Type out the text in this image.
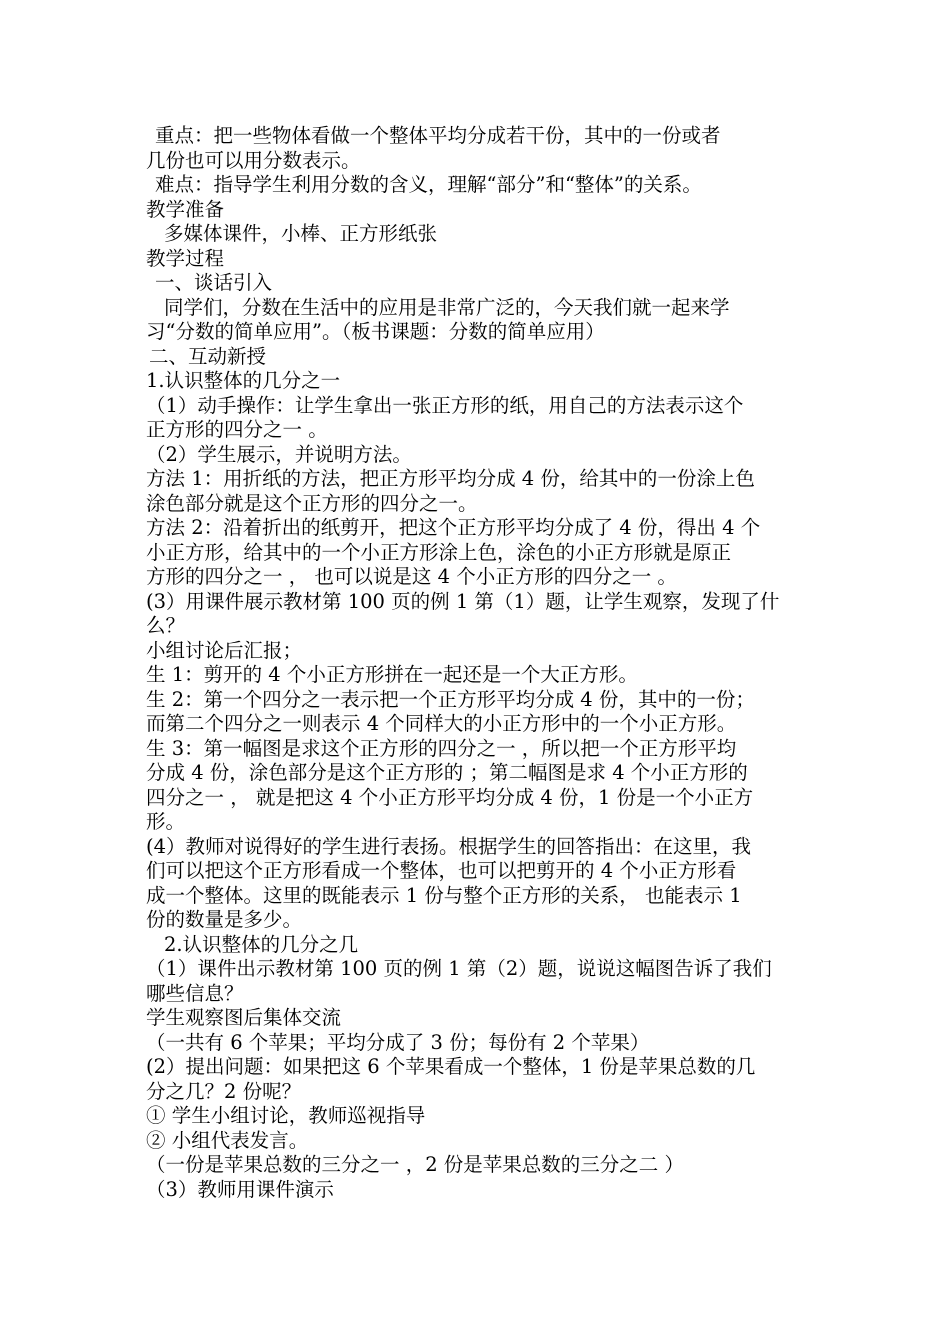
重点：把一些物体看做一个整体平均分成若干份，其中的一份或者
几份也可以用分数表示。
难点：指导学生利用分数的含义，理解“部分”和“整体”的关系。
教学准备
多媒体课件，小棒、正方形纸张
教学过程
一、谈话引入
同学们，分数在生活中的应用是非常广泛的，今天我们就一起来学
习“分数的简单应用”。（板书课题：分数的简单应用）
二、互动新授
1.认识整体的几分之一
（1）动手操作：让学生拿出一张正方形的纸，用自己的方法表示这个
正方形的四分之一 。
（2）学生展示，并说明方法。
方法 1：用折纸的方法，把正方形平均分成 4 份，给其中的一份涂上色
涂色部分就是这个正方形的四分之一。
方法 2：沿着折出的纸剪开，把这个正方形平均分成了 4 份，得出 4 个
小正方形，给其中的一个小正方形涂上色，涂色的小正方形就是原正
方形的四分之一 ， 也可以说是这 4 个小正方形的四分之一 。
(3）用课件展示教材第 100 页的例 1 第（1）题，让学生观察，发现了什
么？
小组讨论后汇报；
生 1：剪开的 4 个小正方形拼在一起还是一个大正方形。
生 2：第一个四分之一表示把一个正方形平均分成 4 份，其中的一份；
而第二个四分之一则表示 4 个同样大的小正方形中的一个小正方形。
生 3：第一幅图是求这个正方形的四分之一 ，所以把一个正方形平均
分成 4 份，涂色部分是这个正方形的 ；第二幅图是求 4 个小正方形的
四分之一 ， 就是把这 4 个小正方形平均分成 4 份，1 份是一个小正方
形。
(4）教师对说得好的学生进行表扬。根据学生的回答指出：在这里，我
们可以把这个正方形看成一个整体，也可以把剪开的 4 个小正方形看
成一个整体。这里的既能表示 1 份与整个正方形的关系， 也能表示 1
份的数量是多少。
2.认识整体的几分之几
（1）课件出示教材第 100 页的例 1 第（2）题，说说这幅图告诉了我们
哪些信息？
学生观察图后集体交流
（一共有 6 个苹果；平均分成了 3 份；每份有 2 个苹果）
(2）提出问题：如果把这 6 个苹果看成一个整体，1 份是苹果总数的几
分之几？2 份呢？
① 学生小组讨论，教师巡视指导
② 小组代表发言。
（一份是苹果总数的三分之一 ，2 份是苹果总数的三分之二 ）
（3）教师用课件演示
